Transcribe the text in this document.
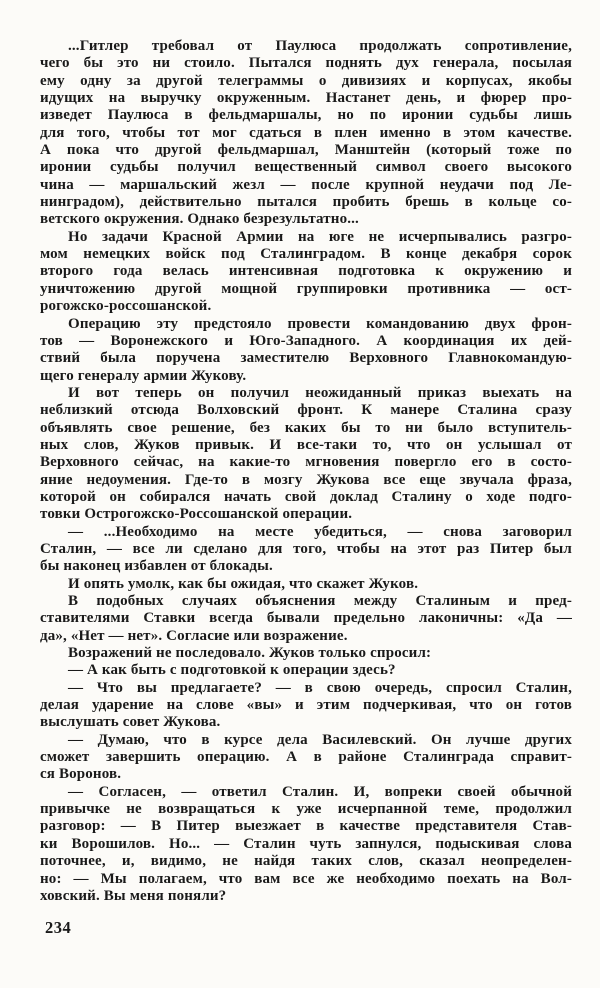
...Гитлер требовал от Паулюса продолжать сопротивление,
чего бы это ни стоило. Пытался поднять дух генерала, посылая
ему одну за другой телеграммы о дивизиях и корпусах, якобы
идущих на выручку окруженным. Настанет день, и фюрер про-
изведет Паулюса в фельдмаршалы, но по иронии судьбы лишь
для того, чтобы тот мог сдаться в плен именно в этом качестве.
А пока что другой фельдмаршал, Манштейн (который тоже по
иронии судьбы получил вещественный символ своего высокого
чина — маршальский жезл — после крупной неудачи под Ле-
нинградом), действительно пытался пробить брешь в кольце со-
ветского окружения. Однако безрезультатно...
Но задачи Красной Армии на юге не исчерпывались разгро-
мом немецких войск под Сталинградом. В конце декабря сорок
второго года велась интенсивная подготовка к окружению и
уничтожению другой мощной группировки противника — ост-
рогожско-россошанской.
Операцию эту предстояло провести командованию двух фрон-
тов — Воронежского и Юго-Западного. А координация их дей-
ствий была поручена заместителю Верховного Главнокомандую-
щего генералу армии Жукову.
И вот теперь он получил неожиданный приказ выехать на
неблизкий отсюда Волховский фронт. К манере Сталина сразу
объявлять свое решение, без каких бы то ни было вступитель-
ных слов, Жуков привык. И все-таки то, что он услышал от
Верховного сейчас, на какие-то мгновения повергло его в состо-
яние недоумения. Где-то в мозгу Жукова все еще звучала фраза,
которой он собирался начать свой доклад Сталину о ходе подго-
товки Острогожско-Россошанской операции.
— ...Необходимо на месте убедиться, — снова заговорил
Сталин, — все ли сделано для того, чтобы на этот раз Питер был
бы наконец избавлен от блокады.
И опять умолк, как бы ожидая, что скажет Жуков.
В подобных случаях объяснения между Сталиным и пред-
ставителями Ставки всегда бывали предельно лаконичны: «Да —
да», «Нет — нет». Согласие или возражение.
Возражений не последовало. Жуков только спросил:
— А как быть с подготовкой к операции здесь?
— Что вы предлагаете? — в свою очередь, спросил Сталин,
делая ударение на слове «вы» и этим подчеркивая, что он готов
выслушать совет Жукова.
— Думаю, что в курсе дела Василевский. Он лучше других
сможет завершить операцию. А в районе Сталинграда справит-
ся Воронов.
— Согласен, — ответил Сталин. И, вопреки своей обычной
привычке не возвращаться к уже исчерпанной теме, продолжил
разговор: — В Питер выезжает в качестве представителя Став-
ки Ворошилов. Но... — Сталин чуть запнулся, подыскивая слова
поточнее, и, видимо, не найдя таких слов, сказал неопределен-
но: — Мы полагаем, что вам все же необходимо поехать на Вол-
ховский. Вы меня поняли?
234
